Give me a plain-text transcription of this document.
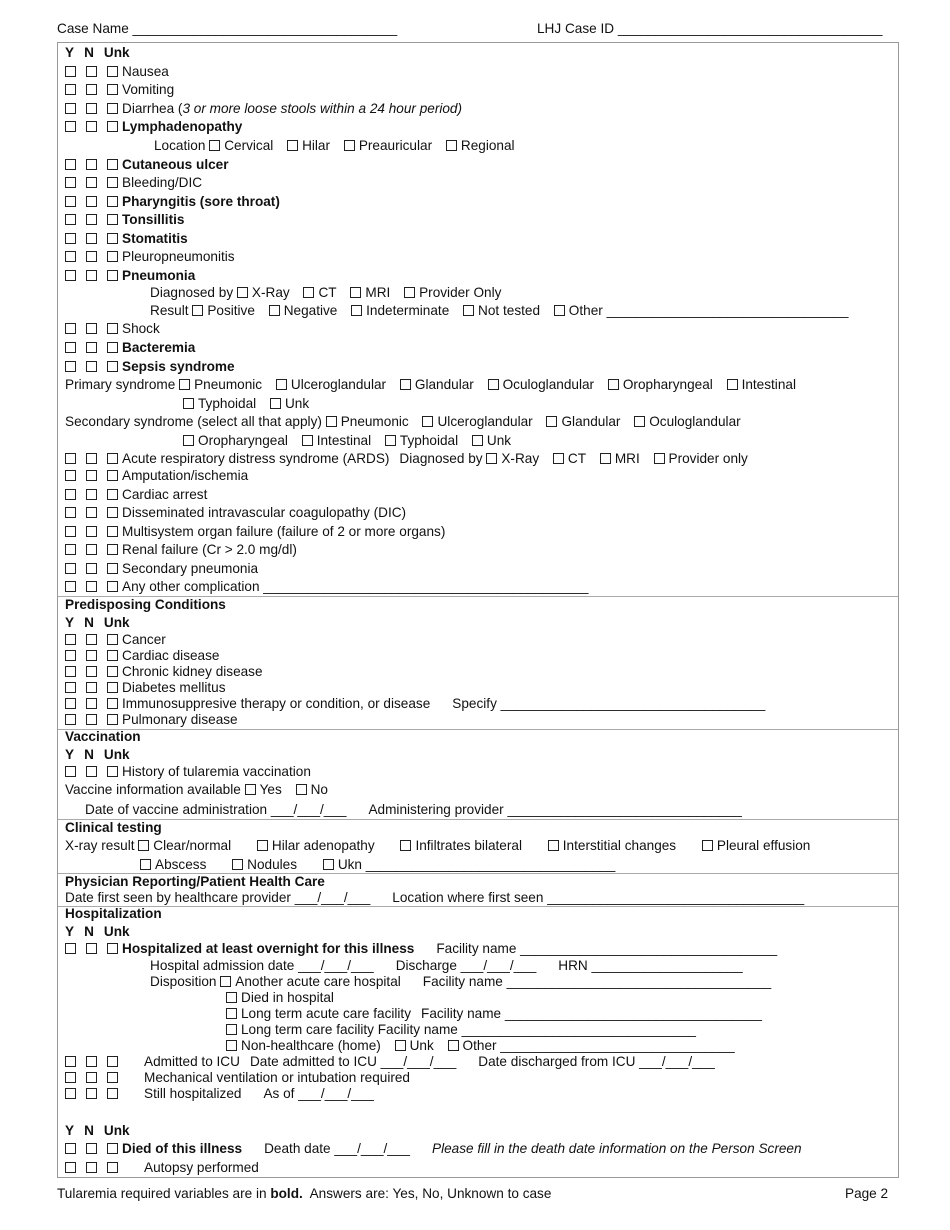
Case Name ___________________________________	LHJ Case ID ___________________________________
Y N Unk
Nausea
Vomiting
Diarrhea (3 or more loose stools within a 24 hour period)
Lymphadenopathy
Location Cervical Hilar Preauricular Regional
Cutaneous ulcer
Bleeding/DIC
Pharyngitis (sore throat)
Tonsillitis
Stomatitis
Pleuropneumonitis
Pneumonia
Diagnosed by X-Ray CT MRI Provider Only
Result Positive Negative Indeterminate Not tested Other ________________________________
Shock
Bacteremia
Sepsis syndrome
Primary syndrome Pneumonic Ulceroglandular Glandular Oculoglandular Oropharyngeal Intestinal
Typhoidal Unk
Secondary syndrome (select all that apply) Pneumonic Ulceroglandular Glandular Oculoglandular
Oropharyngeal Intestinal Typhoidal Unk
Acute respiratory distress syndrome (ARDS) Diagnosed by X-Ray CT MRI Provider only
Amputation/ischemia
Cardiac arrest
Disseminated intravascular coagulopathy (DIC)
Multisystem organ failure (failure of 2 or more organs)
Renal failure (Cr > 2.0 mg/dl)
Secondary pneumonia
Any other complication ___________________________________________
Predisposing Conditions
Y N Unk
Cancer
Cardiac disease
Chronic kidney disease
Diabetes mellitus
Immunosuppresive therapy or condition, or disease Specify ___________________________________
Pulmonary disease
Vaccination
Y N Unk
History of tularemia vaccination
Vaccine information available Yes No
Date of vaccine administration ___/___/___ Administering provider _______________________________
Clinical testing
X-ray result Clear/normal	Hilar adenopathy	Infiltrates bilateral	Interstitial changes	Pleural effusion
Abscess	Nodules	Ukn _________________________________
Physician Reporting/Patient Health Care
Date first seen by healthcare provider ___/___/___ Location where first seen __________________________________
Hospitalization
Y N Unk
Hospitalized at least overnight for this illness Facility name __________________________________
Hospital admission date ___/___/___ Discharge ___/___/___ HRN ____________________
Disposition Another acute care hospital Facility name ___________________________________
Died in hospital
Long term acute care facility Facility name __________________________________
Long term care facility Facility name _______________________________
Non-healthcare (home) Unk Other _______________________________
Admitted to ICU Date admitted to ICU ___/___/___ Date discharged from ICU ___/___/___
Mechanical ventilation or intubation required
Still hospitalized As of ___/___/___
Y N Unk
Died of this illness Death date ___/___/___ Please fill in the death date information on the Person Screen
Autopsy performed
Tularemia required variables are in bold. Answers are: Yes, No, Unknown to case	Page 2
